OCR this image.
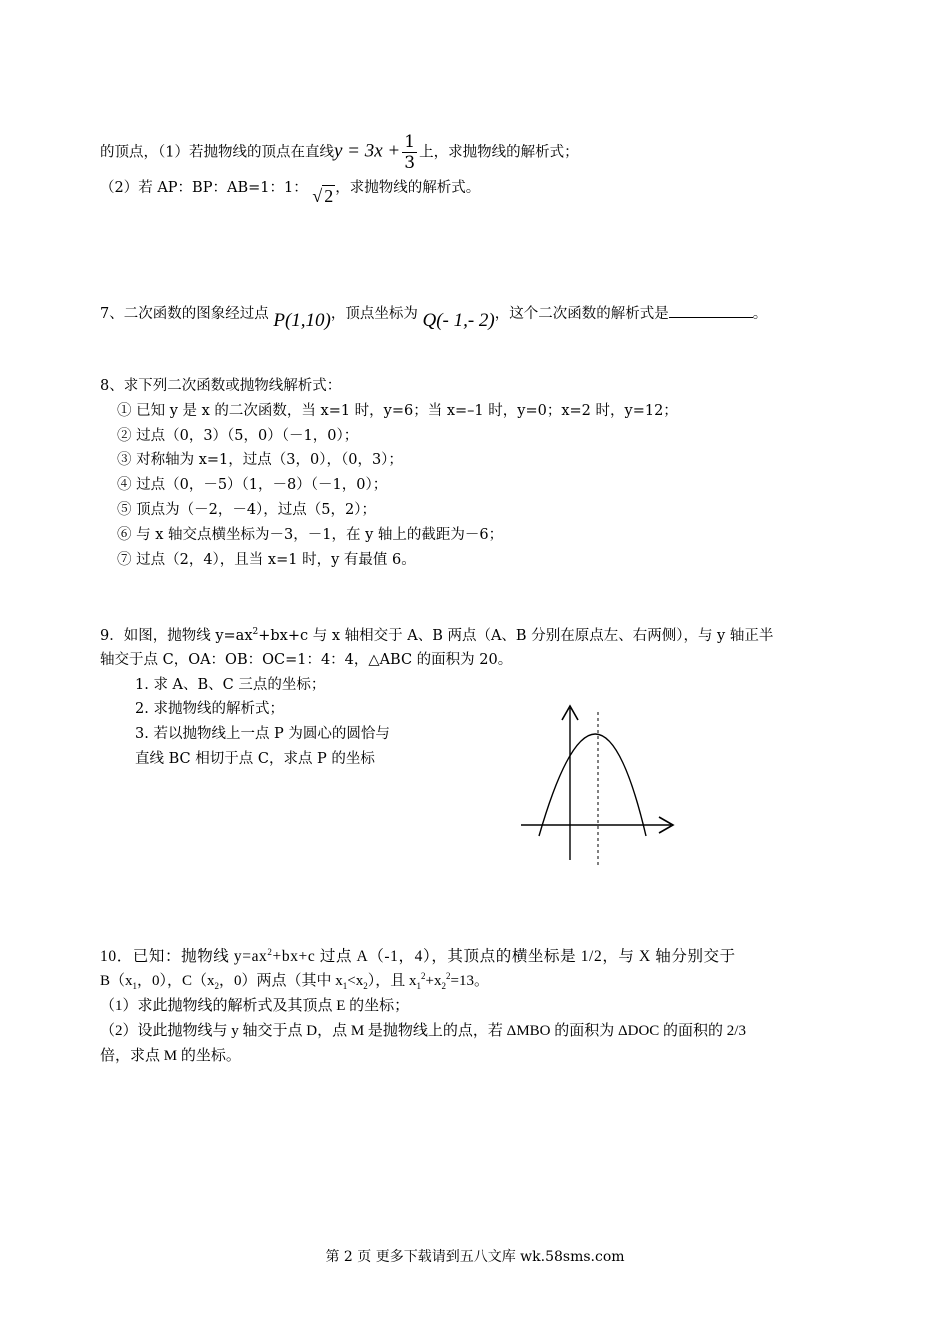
的顶点，（1）若抛物线的顶点在直线$y = 3x + \frac{1}{3}$ 上，求抛物线的解析式；
（2）若 AP：BP：AB=1：1： √ 2 ，求抛物线的解析式。
7、二次函数的图象经过点 P(1,10)，顶点坐标为 Q(- 1,- 2)，这个二次函数的解析式是	。
8、求下列二次函数或抛物线解析式：
① 已知 y 是 x 的二次函数，当 x=1 时，y=6；当 x=–1 时，y=0；x=2 时，y=12；
② 过点（0，3）（5，0）（－1，0）；
③ 对称轴为 x=1，过点（3，0），（0，3）；
④ 过点（0，－5）（1，－8）（－1，0）；
⑤ 顶点为（－2，－4），过点（5，2）；
⑥ 与 x 轴交点横坐标为－3，－1，在 y 轴上的截距为－6；
⑦ 过点（2，4），且当 x=1 时，y 有最值 6。
9．如图，抛物线 $y=ax^2+bx+c$ 与 x 轴相交于 A、B 两点（A、B 分别在原点左、右两侧），与 y 轴正半
轴交于点 C，OA：OB：OC=1：4：4，△ABC 的面积为 20。
1. 求 A、B、C 三点的坐标；
2. 求抛物线的解析式；
3. 若以抛物线上一点 P 为圆心的圆恰与
直线 BC 相切于点 C，求点 P 的坐标
10．已知：抛物线 $y=ax^2+bx+c$ 过点 A（-1，4），其顶点的横坐标是 1/2，与 X 轴分别交于
$B(x_1$，0），$C(x_2$，0）两点（其中 $x_1<x_2$），且 $x_1^2+x_2^2=13$。
（1）求此抛物线的解析式及其顶点 E 的坐标；
（2）设此抛物线与 y 轴交于点 D，点 M 是抛物线上的点，若 ΔMBO 的面积为 ΔDOC 的面积的 2/3
倍，求点 M 的坐标。
第 2 页 更多下载请到五八文库 wk.58sms.com
